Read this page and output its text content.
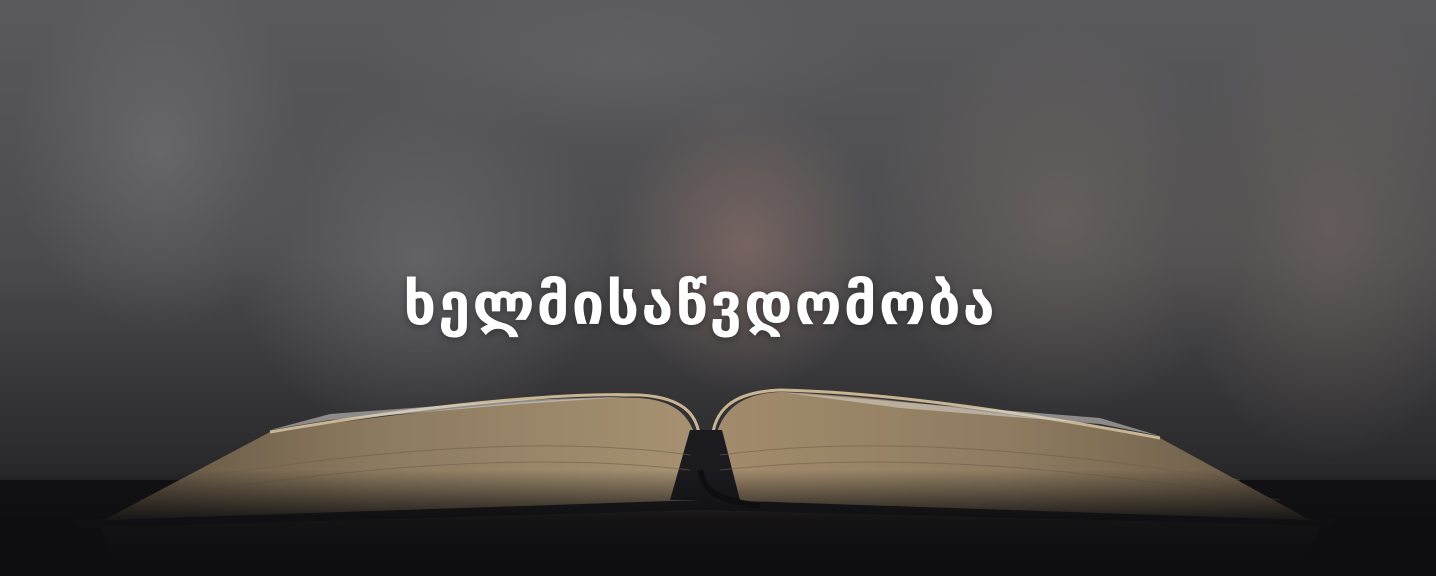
ხელმისაწვდომობა
